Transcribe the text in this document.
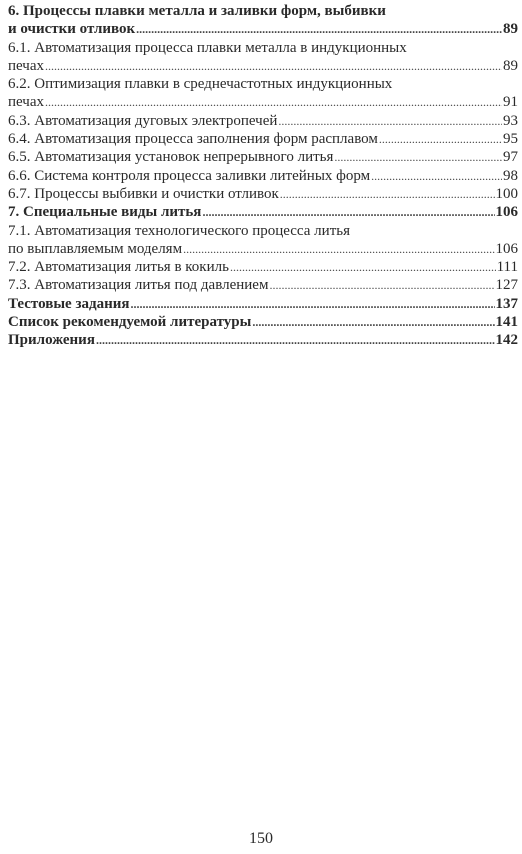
6. Процессы плавки металла и заливки форм, выбивки
и очистки отливок .....	89
6.1. Автоматизация процесса плавки металла в индукционных
печах .....	89
6.2. Оптимизация плавки в среднечастотных индукционных
печах .....	91
6.3. Автоматизация дуговых электропечей .....	93
6.4. Автоматизация процесса заполнения форм расплавом .....	95
6.5. Автоматизация установок непрерывного литья .....	97
6.6. Система контроля процесса заливки литейных форм .....	98
6.7. Процессы выбивки и очистки отливок .....	100
7. Специальные виды литья .....	106
7.1. Автоматизация технологического процесса литья
по выплавляемым моделям .....	106
7.2. Автоматизация литья в кокиль .....	111
7.3. Автоматизация литья под давлением .....	127
Тестовые задания .....	137
Список рекомендуемой литературы .....	141
Приложения .....	142
150
